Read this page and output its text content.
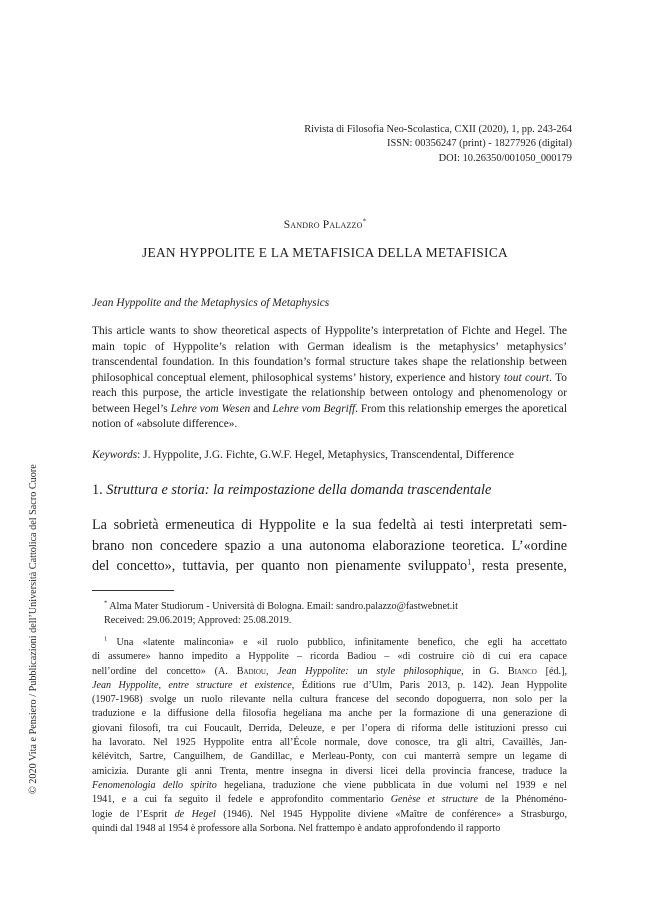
Rivista di Filosofia Neo-Scolastica, CXII (2020), 1, pp. 243-264
ISSN: 00356247 (print) - 18277926 (digital)
DOI: 10.26350/001050_000179
Sandro Palazzo*
JEAN HYPPOLITE E LA METAFISICA DELLA METAFISICA
Jean Hyppolite and the Metaphysics of Metaphysics

This article wants to show theoretical aspects of Hyppolite’s interpretation of Fichte and Hegel. The main topic of Hyppolite’s relation with German idealism is the metaphysics’ metaphysics’ transcendental foundation. In this foundation’s formal structure takes shape the relationship between philosophical conceptual element, philosophical systems’ history, experience and history tout court. To reach this purpose, the article investigate the relationship between ontology and phenomenology or between Hegel’s Lehre vom Wesen and Lehre vom Begriff. From this relationship emerges the aporetical notion of «absolute difference».

Keywords: J. Hyppolite, J.G. Fichte, G.W.F. Hegel, Metaphysics, Transcendental, Difference
1. Struttura e storia: la reimpostazione della domanda trascendentale
La sobrietà ermeneutica di Hyppolite e la sua fedeltà ai testi interpretati sem-
brano non concedere spazio a una autonoma elaborazione teoretica. L’«ordine
del concetto», tuttavia, per quanto non pienamente sviluppato$^1$, resta presente,
* Alma Mater Studiorum - Università di Bologna. Email: sandro.palazzo@fastwebnet.it
Received: 29.06.2019; Approved: 25.08.2019.
$^1$ Una «latente malinconia» e «il ruolo pubblico, infinitamente benefico, che egli ha accettato
di assumere» hanno impedito a Hyppolite – ricorda Badiou – «di costruire ciò di cui era capace
nell’ordine del concetto» (A. Badiou, Jean Hyppolite: un style philosophique, in G. Bianco [éd.],
Jean Hyppolite, entre structure et existence, Éditions rue d’Ulm, Paris 2013, p. 142). Jean Hyppolite
(1907-1968) svolge un ruolo rilevante nella cultura francese del secondo dopoguerra, non solo per la
traduzione e la diffusione della filosofia hegeliana ma anche per la formazione di una generazione di
giovani filosofi, tra cui Foucault, Derrida, Deleuze, e per l’opera di riforma delle istituzioni presso cui
ha lavorato. Nel 1925 Hyppolite entra all’École normale, dove conosce, tra gli altri, Cavaillès, Jan-
kélévitch, Sartre, Canguilhem, de Gandillac, e Merleau-Ponty, con cui manterrà sempre un legame di
amicizia. Durante gli anni Trenta, mentre insegna in diversi licei della provincia francese, traduce la
Fenomenologia dello spirito hegeliana, traduzione che viene pubblicata in due volumi nel 1939 e nel
1941, e a cui fa seguito il fedele e approfondito commentario Genèse et structure de la Phénoméno-
logie de l’Esprit de Hegel (1946). Nel 1945 Hyppolite diviene «Maître de conférence» a Strasburgo,
quindi dal 1948 al 1954 è professore alla Sorbona. Nel frattempo è andato approfondendo il rapporto
© 2020 Vita e Pensiero / Pubblicazioni dell’Università Cattolica del Sacro Cuore
